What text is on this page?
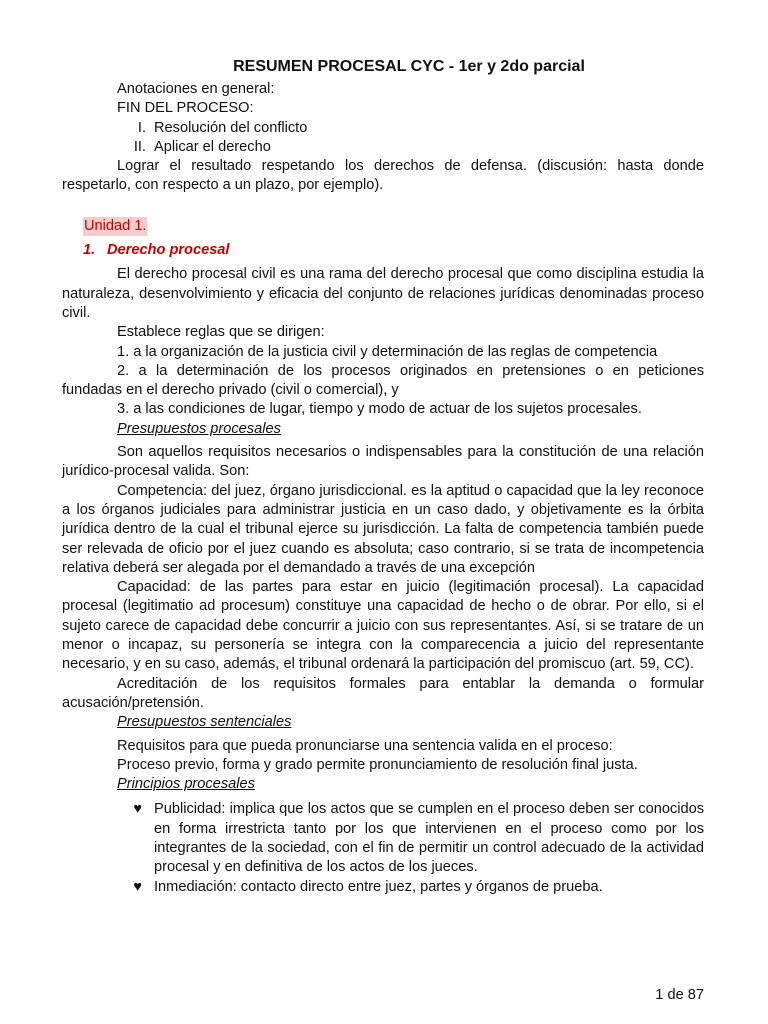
RESUMEN PROCESAL CYC - 1er y 2do parcial

Anotaciones en general:

FIN DEL PROCESO:

I. Resolución del conflicto
II. Aplicar el derecho

Lograr el resultado respetando los derechos de defensa. (discusión: hasta donde respetarlo, con respecto a un plazo, por ejemplo).

Unidad 1.
1. Derecho procesal

El derecho procesal civil es una rama del derecho procesal que como disciplina estudia la naturaleza, desenvolvimiento y eficacia del conjunto de relaciones jurídicas denominadas proceso civil.

Establece reglas que se dirigen:

1. a la organización de la justicia civil y determinación de las reglas de competencia

2. a la determinación de los procesos originados en pretensiones o en peticiones fundadas en el derecho privado (civil o comercial), y

3. a las condiciones de lugar, tiempo y modo de actuar de los sujetos procesales.

Presupuestos procesales

Son aquellos requisitos necesarios o indispensables para la constitución de una relación jurídico-procesal valida. Son:

Competencia: del juez, órgano jurisdiccional. es la aptitud o capacidad que la ley reconoce a los órganos judiciales para administrar justicia en un caso dado, y objetivamente es la órbita jurídica dentro de la cual el tribunal ejerce su jurisdicción. La falta de competencia también puede ser relevada de oficio por el juez cuando es absoluta; caso contrario, si se trata de incompetencia relativa deberá ser alegada por el demandado a través de una excepción

Capacidad: de las partes para estar en juicio (legitimación procesal). La capacidad procesal (legitimatio ad procesum) constituye una capacidad de hecho o de obrar. Por ello, si el sujeto carece de capacidad debe concurrir a juicio con sus representantes. Así, si se tratare de un menor o incapaz, su personería se integra con la comparecencia a juicio del representante necesario, y en su caso, además, el tribunal ordenará la participación del promiscuo (art. 59, CC).

Acreditación de los requisitos formales para entablar la demanda o formular acusación/pretensión.

Presupuestos sentenciales

Requisitos para que pueda pronunciarse una sentencia valida en el proceso:

Proceso previo, forma y grado permite pronunciamiento de resolución final justa.

Principios procesales
♥ Publicidad: implica que los actos que se cumplen en el proceso deben ser conocidos en forma irrestricta tanto por los que intervienen en el proceso como por los integrantes de la sociedad, con el fin de permitir un control adecuado de la actividad procesal y en definitiva de los actos de los jueces.
♥ Inmediación: contacto directo entre juez, partes y órganos de prueba.
1 de 87
